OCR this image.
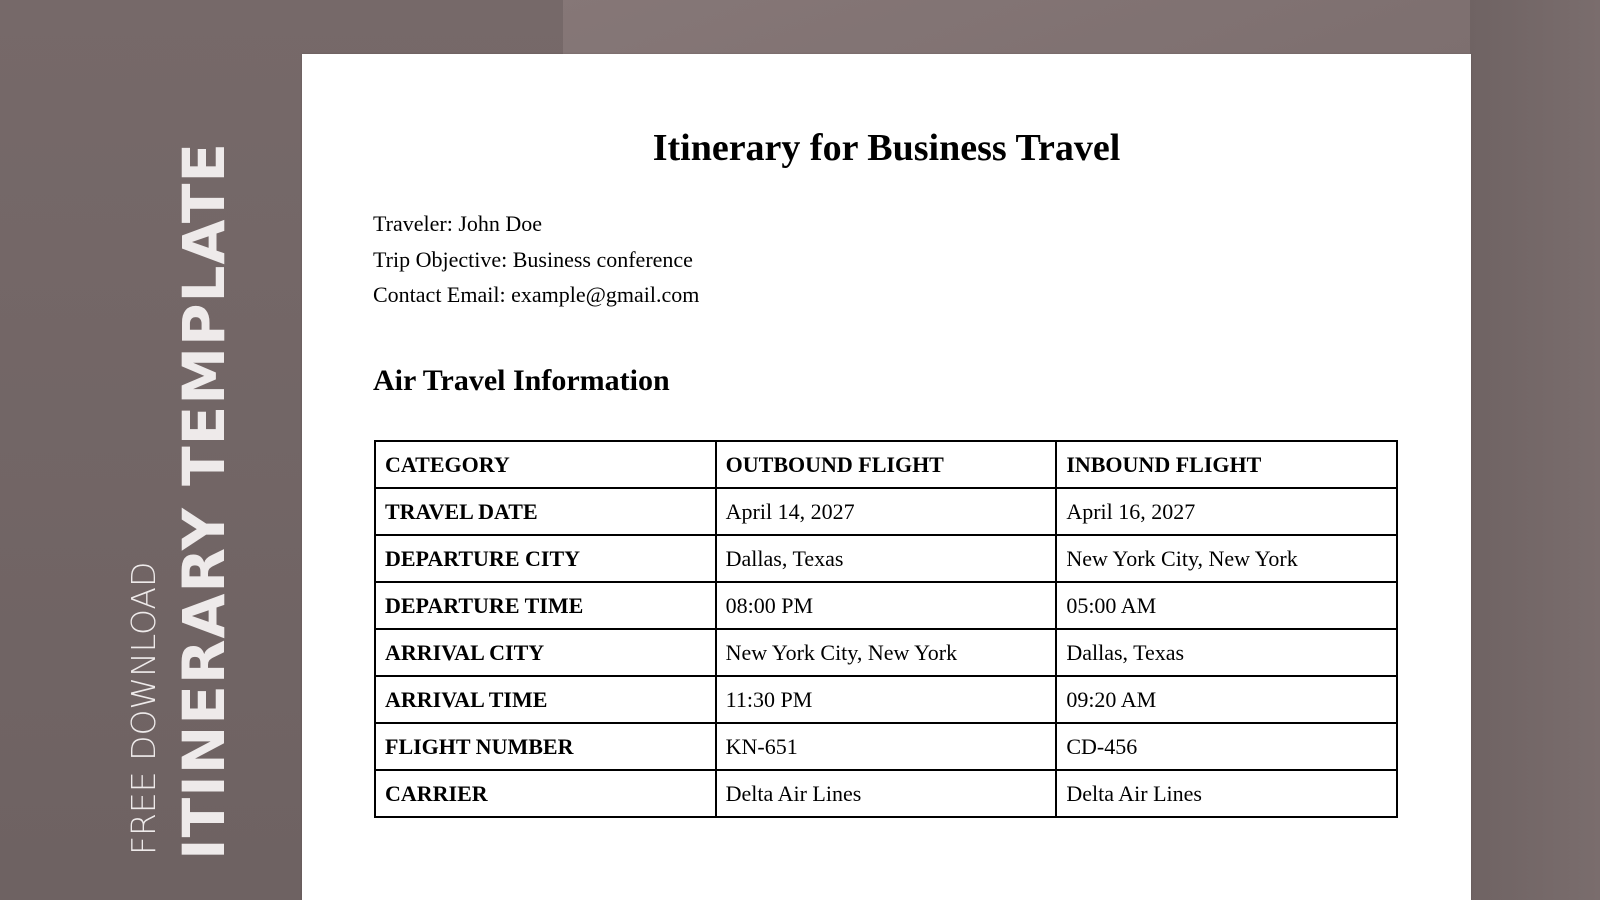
FREE DOWNLOAD ITINERARY TEMPLATE	Itinerary for Business Travel
Traveler: John Doe
Trip Objective: Business conference
Contact Email: example@gmail.com
Air Travel Information
CATEGORY	OUTBOUND FLIGHT	INBOUND FLIGHT
TRAVEL DATE	April 14, 2027	April 16, 2027
DEPARTURE CITY	Dallas, Texas	New York City, New York
DEPARTURE TIME	08:00 PM	05:00 AM
ARRIVAL CITY	New York City, New York	Dallas, Texas
ARRIVAL TIME	11:30 PM	09:20 AM
FLIGHT NUMBER	KN-651	CD-456
CARRIER	Delta Air Lines	Delta Air Lines
